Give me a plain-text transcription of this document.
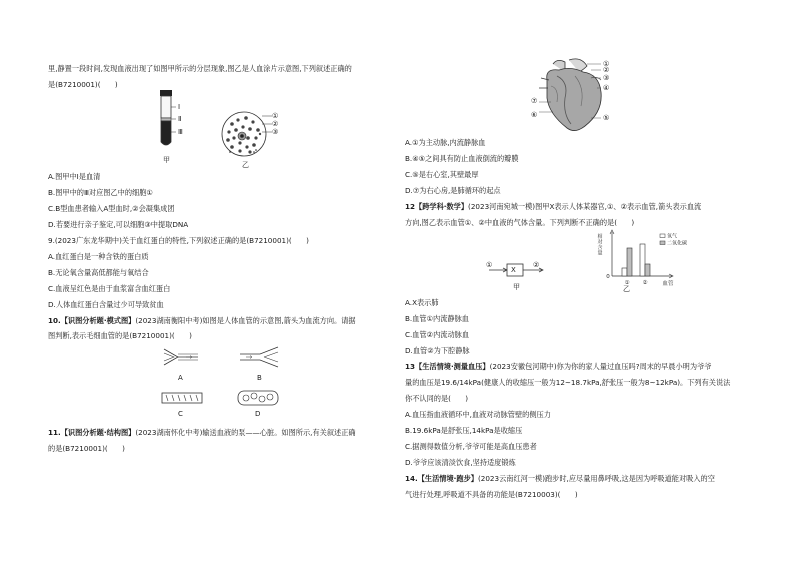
里,静置一段时间,发现血液出现了如图甲所示的分层现象,图乙是人血涂片示意图,下列叙述正确的
是(B7210001)(　　)
Ⅰ
Ⅱ
Ⅲ
甲
①
②
③
乙
A.图甲中Ⅰ是血清
B.图甲中的Ⅲ对应图乙中的细胞①
C.B型血患者输入A型血时,②会凝集成团
D.若要进行亲子鉴定,可以细胞③中提取DNA
9.(2023广东龙华期中)关于血红蛋白的特性,下列叙述正确的是(B7210001)(　　)
A.血红蛋白是一种含铁的蛋白质
B.无论氧含量高低都能与氧结合
C.血液呈红色是由于血浆富含血红蛋白
D.人体血红蛋白含量过少可导致贫血
10.【识图分析题·模式图】(2023湖南衡阳中考)如图是人体血管的示意图,箭头为血流方向。请据
图判断,表示毛细血管的是(B7210001)(　　)
A	B
C	D
11.【识图分析题·结构图】(2023湖南怀化中考)输送血液的泵——心脏。如图所示,有关叙述正确
的是(B7210001)(　　)
①
②
③
④
⑤
⑥
⑦
A.①为主动脉,内流静脉血
B.④⑤之间具有防止血液倒流的瓣膜
C.⑤是右心室,其壁最厚
D.⑦为右心房,是肺循环的起点
12【跨学科·数学】(2023河南宛城一模)图甲X表示人体某器官,①、②表示血管,箭头表示血流
方向,图乙表示血管①、②中血液的气体含量。下列判断不正确的是(　　)
①
X
②
甲
相
对
含
量
0
血管
① ②
氧气
二氧化碳
乙
A.X表示肺
B.血管①内流静脉血
C.血管②内流动脉血
D.血管②为下腔静脉
13【生活情境·测量血压】(2023安徽包河期中)你为你的家人量过血压吗?周末的早晨小明为爷爷
量的血压是19.6/14kPa(健康人的收缩压一般为12~18.7kPa,舒张压一般为8~12kPa)。下列有关说法
你不认同的是(　　)
A.血压指血液循环中,血液对动脉管壁的侧压力
B.19.6kPa是舒张压,14kPa是收缩压
C.据测得数值分析,爷爷可能是高血压患者
D.爷爷应该清淡饮食,坚持适度锻炼
14.【生活情境·跑步】(2023云南红河一模)跑步时,应尽量用鼻呼吸,这是因为呼吸道能对吸入的空
气进行处理,呼吸道不具备的功能是(B7210003)(　　)
